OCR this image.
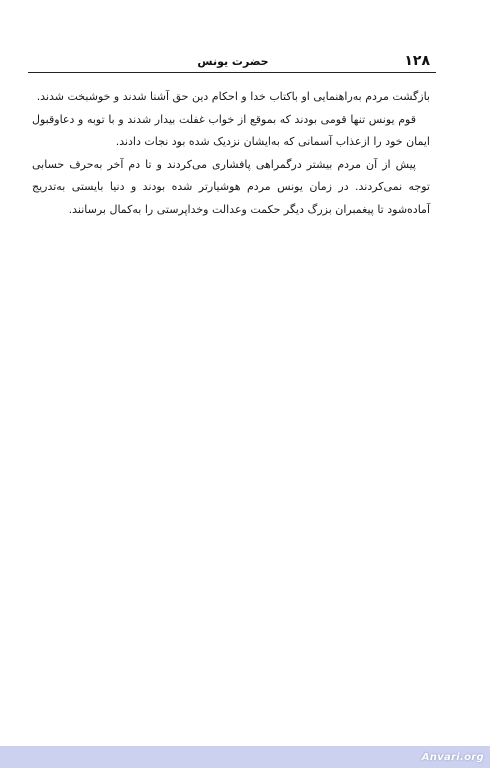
۱۲۸
حضرت یونس

بازگشت مردم به‌راهنمایی او باکتاب خدا و احکام دین حق آشنا شدند و خوشبخت شدند.

قوم یونس تنها قومی بودند که بموقع از خواب غفلت بیدار شدند و با توبه و دعاوقبول ایمان خود را ازعذاب آسمانی که به‌ایشان نزدیک شده بود نجات دادند.

پیش از آن مردم بیشتر درگمراهی پافشاری می‌کردند و تا دم آخر به‌حرف حسابی توجه نمی‌کردند. در زمان یونس مردم هوشیارتر شده بودند و دنیا بایستی به‌تدریج آماده‌شود تا پیغمبران بزرگ دیگر حکمت وعدالت وخداپرستی را به‌کمال برسانند.

Anvari.org
